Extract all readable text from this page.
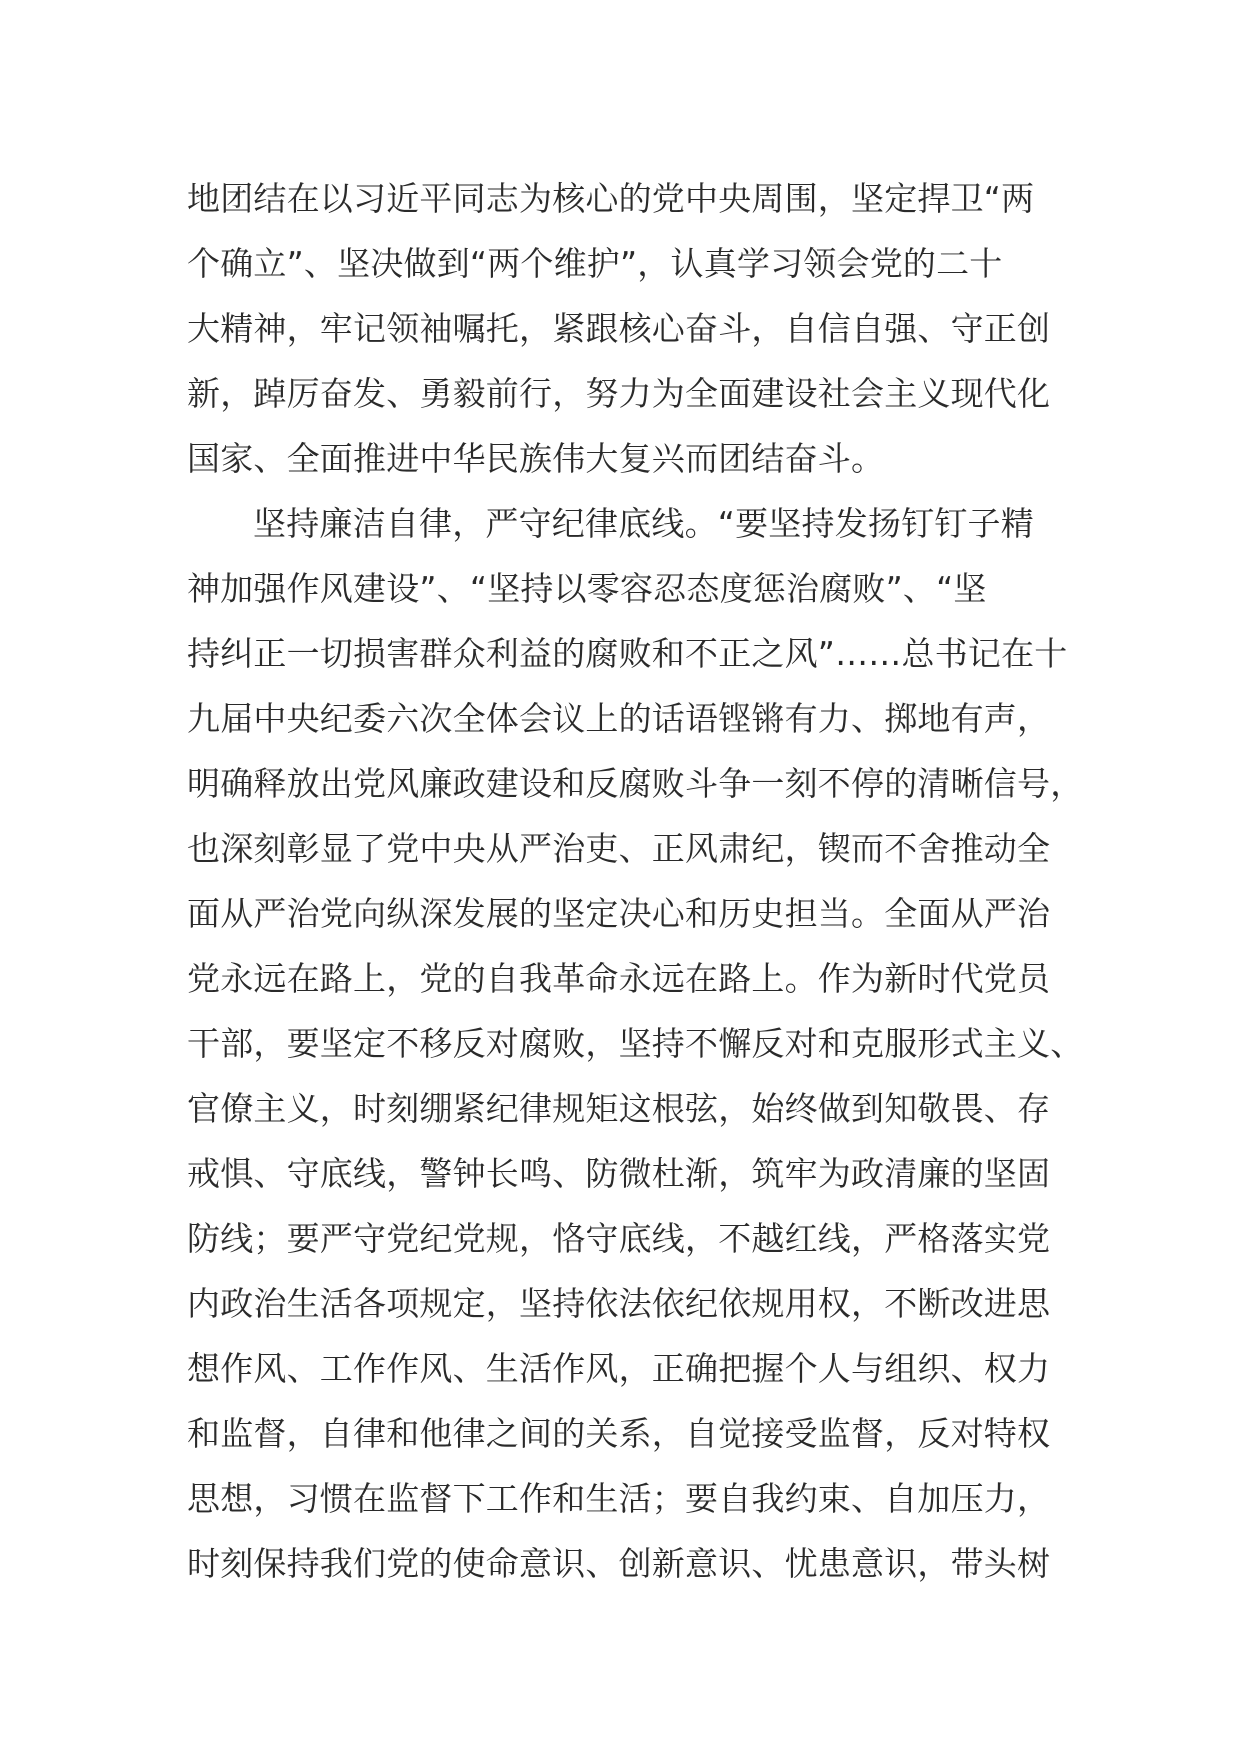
地团结在以习近平同志为核心的党中央周围，坚定捍卫“两
个确立”、坚决做到“两个维护”，认真学习领会党的二十
大精神，牢记领袖嘱托，紧跟核心奋斗，自信自强、守正创
新，踔厉奋发、勇毅前行，努力为全面建设社会主义现代化
国家、全面推进中华民族伟大复兴而团结奋斗。
坚持廉洁自律，严守纪律底线。“要坚持发扬钉钉子精
神加强作风建设”、“坚持以零容忍态度惩治腐败”、“坚
持纠正一切损害群众利益的腐败和不正之风”……总书记在十
九届中央纪委六次全体会议上的话语铿锵有力、掷地有声，
明确释放出党风廉政建设和反腐败斗争一刻不停的清晰信号，
也深刻彰显了党中央从严治吏、正风肃纪，锲而不舍推动全
面从严治党向纵深发展的坚定决心和历史担当。全面从严治
党永远在路上，党的自我革命永远在路上。作为新时代党员
干部，要坚定不移反对腐败，坚持不懈反对和克服形式主义、
官僚主义，时刻绷紧纪律规矩这根弦，始终做到知敬畏、存
戒惧、守底线，警钟长鸣、防微杜渐，筑牢为政清廉的坚固
防线；要严守党纪党规，恪守底线，不越红线，严格落实党
内政治生活各项规定，坚持依法依纪依规用权，不断改进思
想作风、工作作风、生活作风，正确把握个人与组织、权力
和监督，自律和他律之间的关系，自觉接受监督，反对特权
思想，习惯在监督下工作和生活；要自我约束、自加压力，
时刻保持我们党的使命意识、创新意识、忧患意识，带头树
